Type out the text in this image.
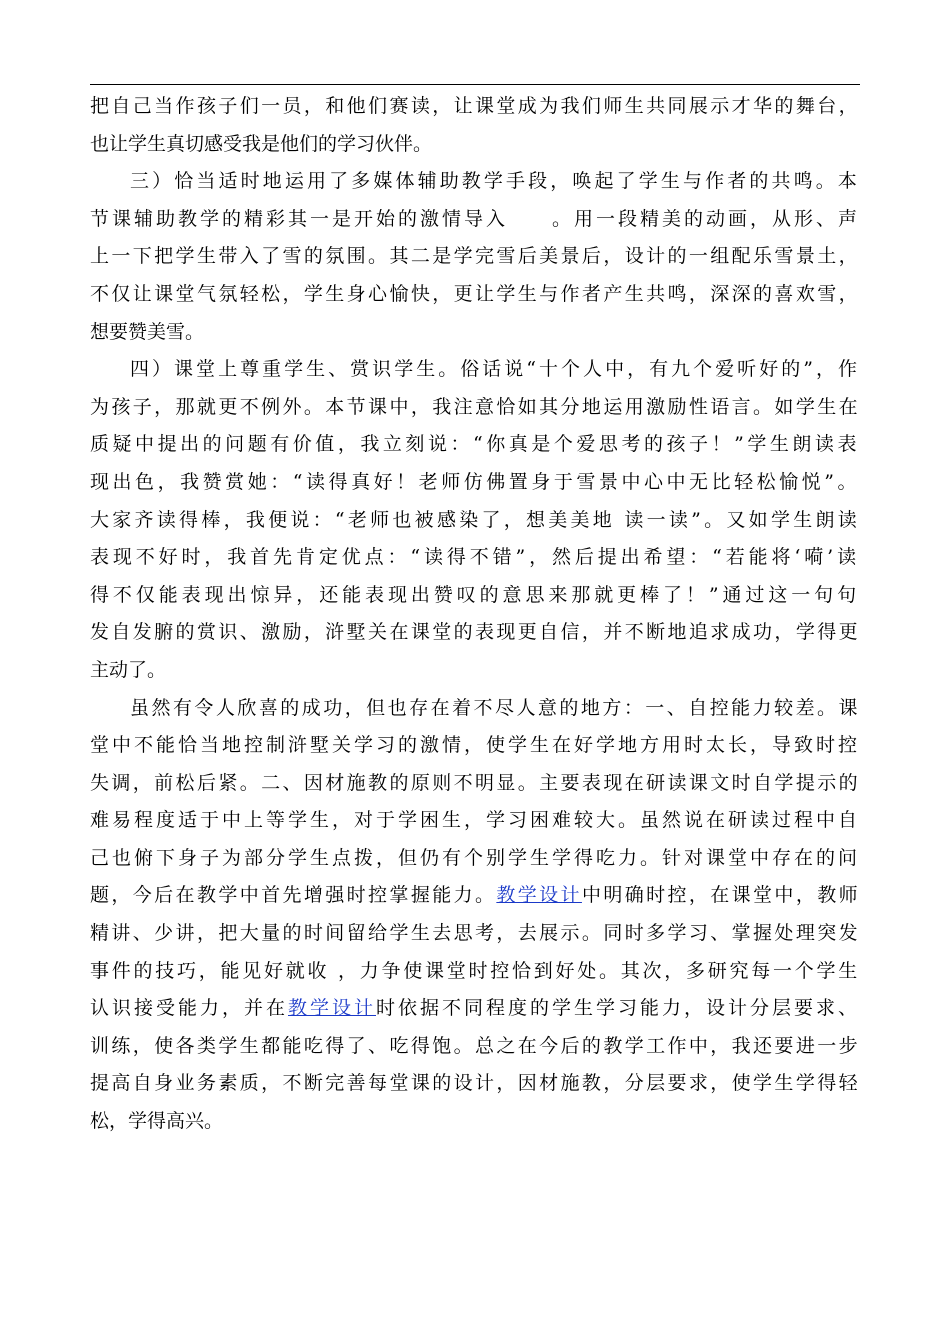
把自己当作孩子们一员，和他们赛读，让课堂成为我们师生共同展示才华的舞台，
也让学生真切感受我是他们的学习伙伴。
三）恰当适时地运用了多媒体辅助教学手段，唤起了学生与作者的共鸣。本
节课辅助教学的精彩其一是开始的激情导入　　。用一段精美的动画，从形、声
上一下把学生带入了雪的氛围。其二是学完雪后美景后，设计的一组配乐雪景土，
不仅让课堂气氛轻松，学生身心愉快，更让学生与作者产生共鸣，深深的喜欢雪，
想要赞美雪。
四）课堂上尊重学生、赏识学生。俗话说“十个人中，有九个爱听好的”，作
为孩子，那就更不例外。本节课中，我注意恰如其分地运用激励性语言。如学生在
质疑中提出的问题有价值，我立刻说：“你真是个爱思考的孩子！”学生朗读表
现出色，我赞赏她：“读得真好！老师仿佛置身于雪景中心中无比轻松愉悦”。
大家齐读得棒，我便说：“老师也被感染了，想美美地 读一读”。又如学生朗读
表现不好时，我首先肯定优点：“读得不错”，然后提出希望：“若能将‘嗬’读
得不仅能表现出惊异，还能表现出赞叹的意思来那就更棒了！”通过这一句句
发自发腑的赏识、激励，浒墅关在课堂的表现更自信，并不断地追求成功，学得更
主动了。
虽然有令人欣喜的成功，但也存在着不尽人意的地方：一、自控能力较差。课
堂中不能恰当地控制浒墅关学习的激情，使学生在好学地方用时太长，导致时控
失调，前松后紧。二、因材施教的原则不明显。主要表现在研读课文时自学提示的
难易程度适于中上等学生，对于学困生，学习困难较大。虽然说在研读过程中自
己也俯下身子为部分学生点拨，但仍有个别学生学得吃力。针对课堂中存在的问
题，今后在教学中首先增强时控掌握能力。教学设计中明确时控，在课堂中，教师
精讲、少讲，把大量的时间留给学生去思考，去展示。同时多学习、掌握处理突发
事件的技巧，能见好就收 ，力争使课堂时控恰到好处。其次，多研究每一个学生
认识接受能力，并在教学设计时依据不同程度的学生学习能力，设计分层要求、
训练，使各类学生都能吃得了、吃得饱。总之在今后的教学工作中，我还要进一步
提高自身业务素质，不断完善每堂课的设计，因材施教，分层要求，使学生学得轻
松，学得高兴。
